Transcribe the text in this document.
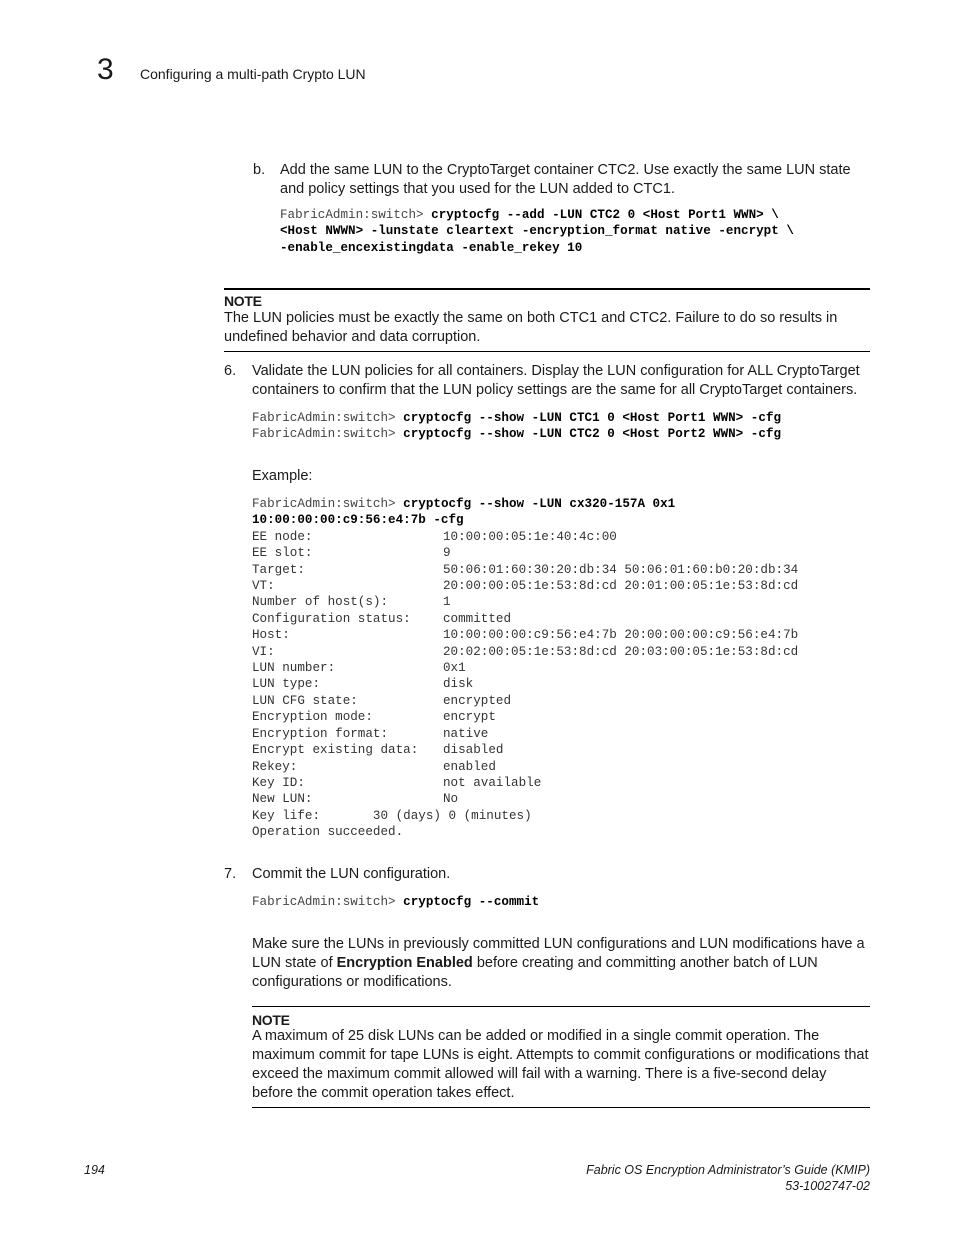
3 Configuring a multi-path Crypto LUN
b. Add the same LUN to the CryptoTarget container CTC2. Use exactly the same LUN state and policy settings that you used for the LUN added to CTC1.
FabricAdmin:switch> cryptocfg --add -LUN CTC2 0 <Host Port1 WWN> \
<Host NWWN> -lunstate cleartext -encryption_format native -encrypt \
-enable_encexistingdata -enable_rekey 10
NOTE
The LUN policies must be exactly the same on both CTC1 and CTC2. Failure to do so results in undefined behavior and data corruption.
6. Validate the LUN policies for all containers. Display the LUN configuration for ALL CryptoTarget containers to confirm that the LUN policy settings are the same for all CryptoTarget containers.
FabricAdmin:switch> cryptocfg --show -LUN CTC1 0 <Host Port1 WWN> -cfg
FabricAdmin:switch> cryptocfg --show -LUN CTC2 0 <Host Port2 WWN> -cfg
Example:
FabricAdmin:switch> cryptocfg --show -LUN cx320-157A 0x1
10:00:00:00:c9:56:e4:7b -cfg
EE node:	10:00:00:05:1e:40:4c:00
EE slot:	9
Target:	50:06:01:60:30:20:db:34 50:06:01:60:b0:20:db:34
VT:	20:00:00:05:1e:53:8d:cd 20:01:00:05:1e:53:8d:cd
Number of host(s):	1
Configuration status:	committed
Host:	10:00:00:00:c9:56:e4:7b 20:00:00:00:c9:56:e4:7b
VI:	20:02:00:05:1e:53:8d:cd 20:03:00:05:1e:53:8d:cd
LUN number:	0x1
LUN type:	disk
LUN CFG state:	encrypted
Encryption mode:	encrypt
Encryption format:	native
Encrypt existing data:	disabled
Rekey:	enabled
Key ID:	not available
New LUN:	No
Key life:       30 (days) 0 (minutes)
Operation succeeded.
7. Commit the LUN configuration.
FabricAdmin:switch> cryptocfg --commit
Make sure the LUNs in previously committed LUN configurations and LUN modifications have a LUN state of Encryption Enabled before creating and committing another batch of LUN configurations or modifications.
NOTE
A maximum of 25 disk LUNs can be added or modified in a single commit operation. The maximum commit for tape LUNs is eight. Attempts to commit configurations or modifications that exceed the maximum commit allowed will fail with a warning. There is a five-second delay before the commit operation takes effect.
194	Fabric OS Encryption Administrator’s Guide (KMIP)
53-1002747-02
